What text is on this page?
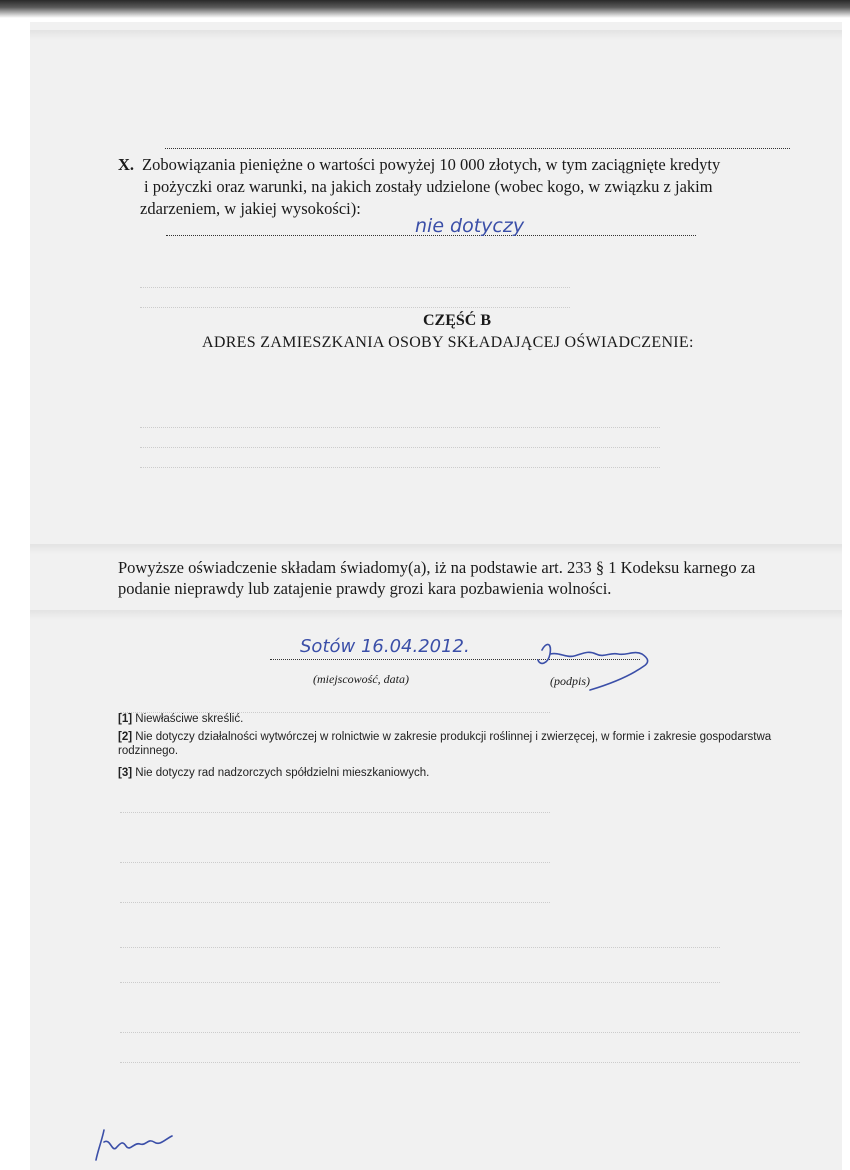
X. Zobowiązania pieniężne o wartości powyżej 10 000 złotych, w tym zaciągnięte kredyty
i pożyczki oraz warunki, na jakich zostały udzielone (wobec kogo, w związku z jakim
zdarzeniem, w jakiej wysokości):
nie dotyczy
CZĘŚĆ B
ADRES ZAMIESZKANIA OSOBY SKŁADAJĄCEJ OŚWIADCZENIE:
Powyższe oświadczenie składam świadomy(a), iż na podstawie art. 233 § 1 Kodeksu karnego za
podanie nieprawdy lub zatajenie prawdy grozi kara pozbawienia wolności.
Sotów 16.04.2012.
(miejscowość, data)	(podpis)
[1] Niewłaściwe skreślić.
[2] Nie dotyczy działalności wytwórczej w rolnictwie w zakresie produkcji roślinnej i zwierzęcej, w formie i zakresie gospodarstwa rodzinnego.
[3] Nie dotyczy rad nadzorczych spółdzielni mieszkaniowych.
